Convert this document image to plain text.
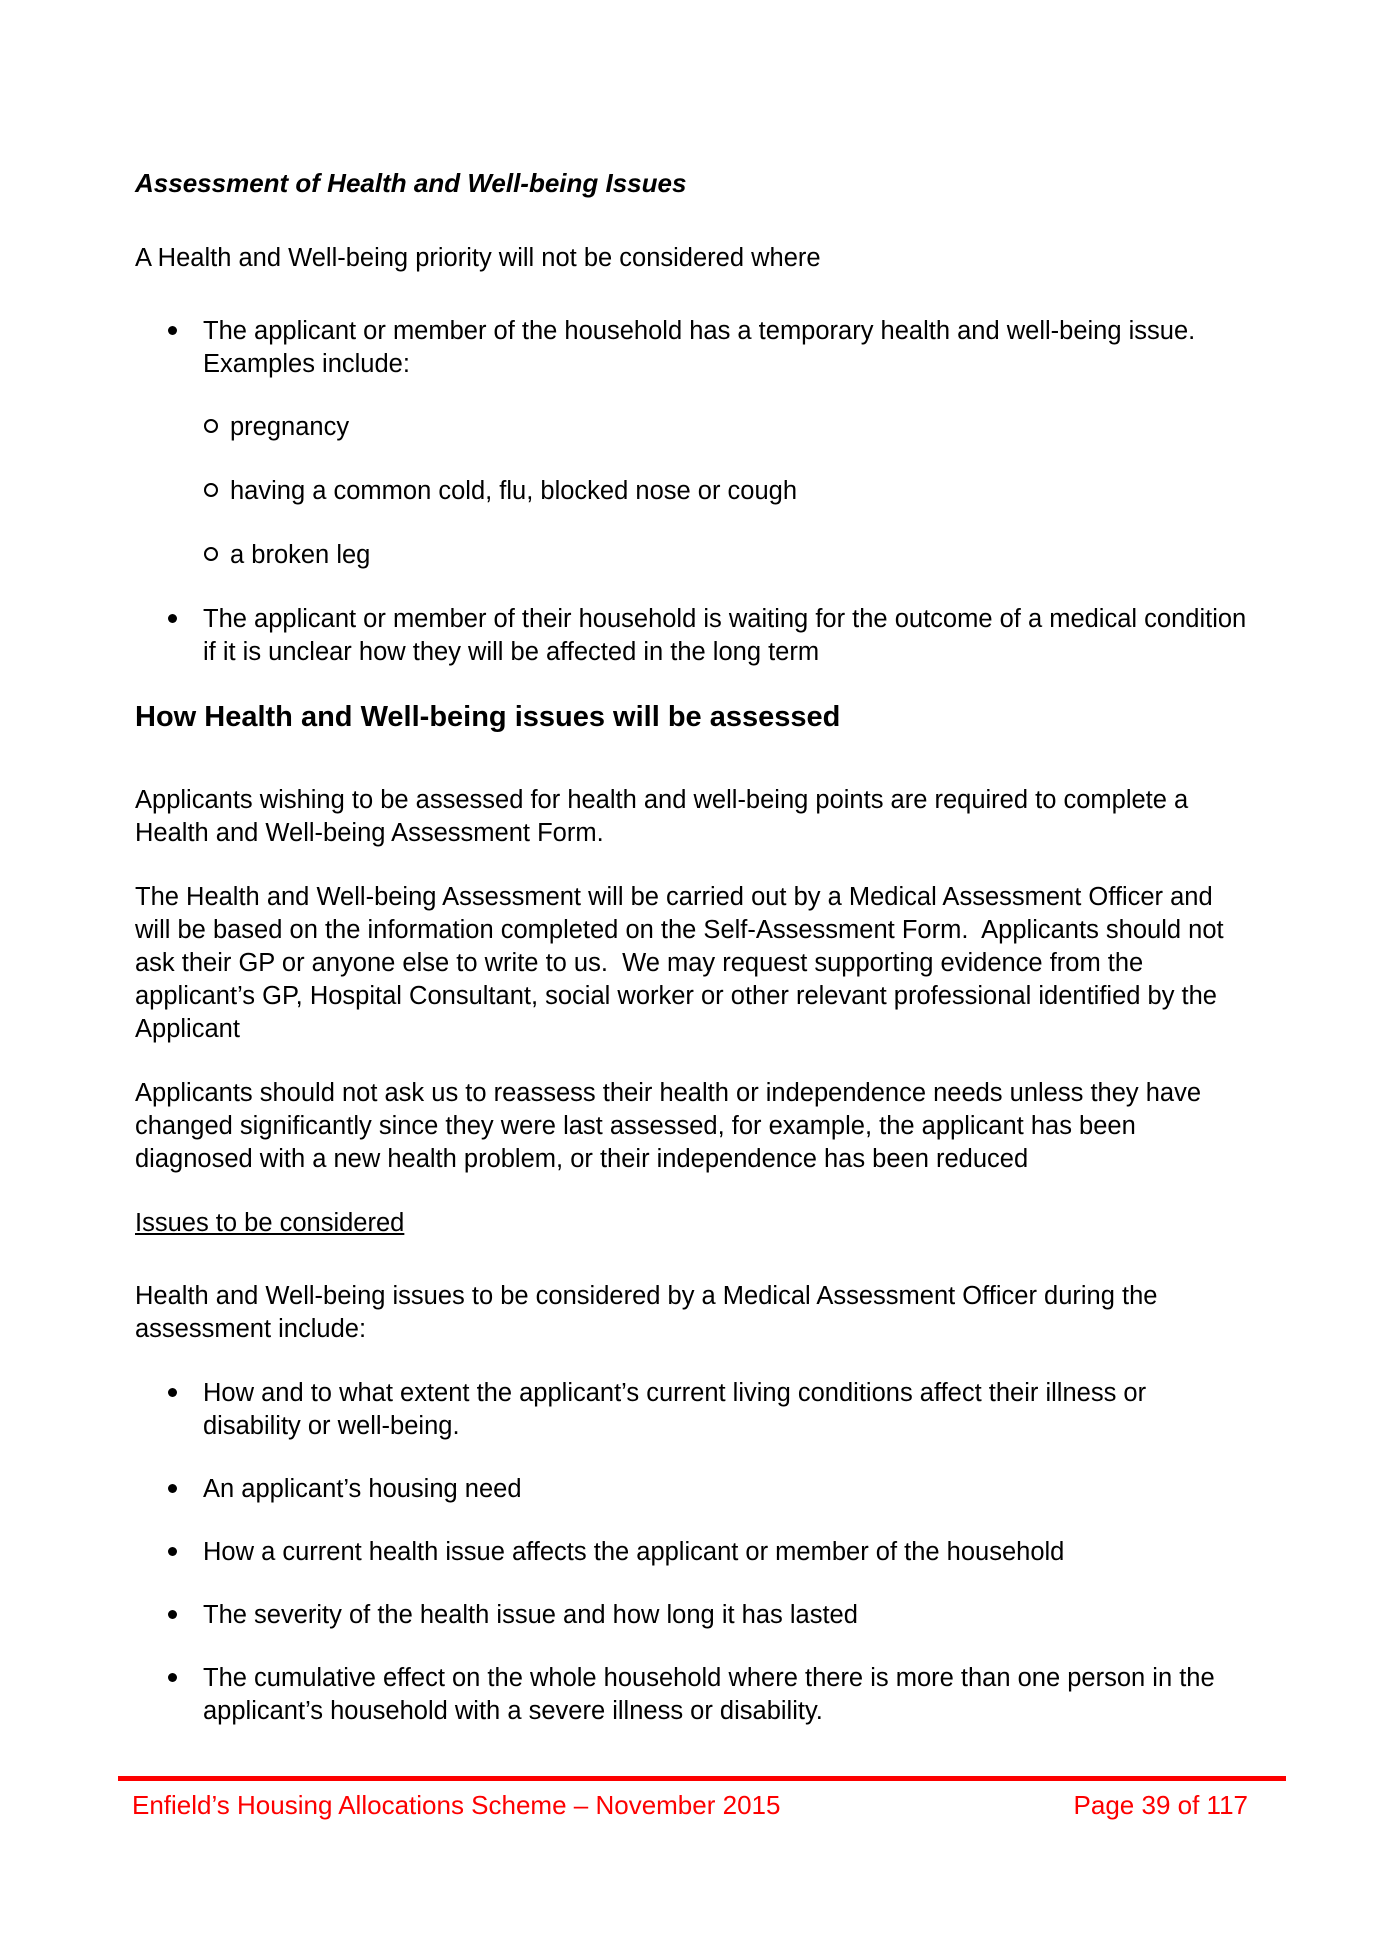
Assessment of Health and Well-being Issues

A Health and Well-being priority will not be considered where

The applicant or member of the household has a temporary health and well-being issue.  Examples include:
pregnancy
having a common cold, flu, blocked nose or cough
a broken leg
The applicant or member of their household is waiting for the outcome of a medical condition if it is unclear how they will be affected in the long term
How Health and Well-being issues will be assessed

Applicants wishing to be assessed for health and well-being points are required to complete a Health and Well-being Assessment Form.

The Health and Well-being Assessment will be carried out by a Medical Assessment Officer and will be based on the information completed on the Self-Assessment Form.  Applicants should not ask their GP or anyone else to write to us.  We may request supporting evidence from the applicant’s GP, Hospital Consultant, social worker or other relevant professional identified by the Applicant

Applicants should not ask us to reassess their health or independence needs unless they have changed significantly since they were last assessed, for example, the applicant has been diagnosed with a new health problem, or their independence has been reduced

Issues to be considered

Health and Well-being issues to be considered by a Medical Assessment Officer during the assessment include:

How and to what extent the applicant’s current living conditions affect their illness or disability or well-being.
An applicant’s housing need
How a current health issue affects the applicant or member of the household
The severity of the health issue and how long it has lasted
The cumulative effect on the whole household where there is more than one person in the applicant’s household with a severe illness or disability.
Enfield’s Housing Allocations Scheme – November 2015	Page 39 of 117
